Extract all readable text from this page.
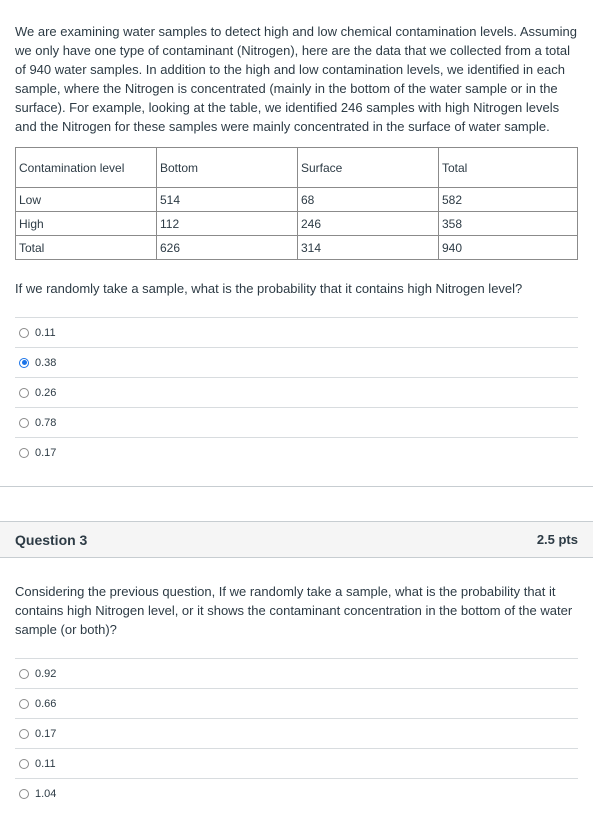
We are examining water samples to detect high and low chemical contamination levels. Assuming we only have one type of contaminant (Nitrogen), here are the data that we collected from a total of 940 water samples. In addition to the high and low contamination levels, we identified in each sample, where the Nitrogen is concentrated (mainly in the bottom of the water sample or in the surface). For example, looking at the table, we identified 246 samples with high Nitrogen levels and the Nitrogen for these samples were mainly concentrated in the surface of water sample.

Contamination level	Bottom	Surface	Total
Low	514	68	582
High	112	246	358
Total	626	314	940

If we randomly take a sample, what is the probability that it contains high Nitrogen level?

0.11
0.38
0.26
0.78
0.17
Question 3	2.5 pts

Considering the previous question, If we randomly take a sample, what is the probability that it contains high Nitrogen level, or it shows the contaminant concentration in the bottom of the water sample (or both)?

0.92
0.66
0.17
0.11
1.04
